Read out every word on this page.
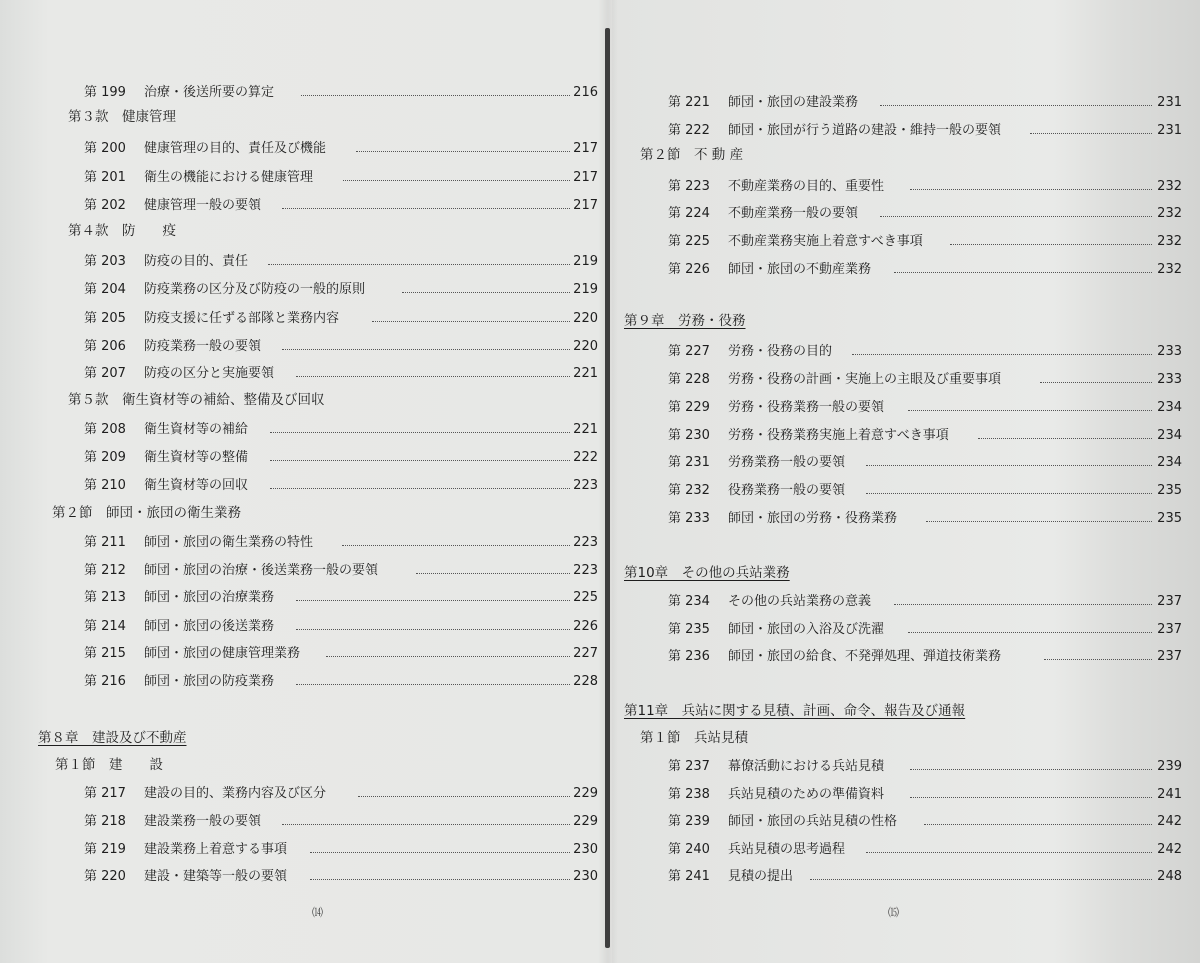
第 199	治療・後送所要の算定	216
第３款　健康管理
第 200	健康管理の目的、責任及び機能	217
第 201	衛生の機能における健康管理	217
第 202	健康管理一般の要領	217
第４款　防　　疫
第 203	防疫の目的、責任	219
第 204	防疫業務の区分及び防疫の一般的原則	219
第 205	防疫支援に任ずる部隊と業務内容	220
第 206	防疫業務一般の要領	220
第 207	防疫の区分と実施要領	221
第５款　衛生資材等の補給、整備及び回収
第 208	衛生資材等の補給	221
第 209	衛生資材等の整備	222
第 210	衛生資材等の回収	223
第２節　師団・旅団の衛生業務
第 211	師団・旅団の衛生業務の特性	223
第 212	師団・旅団の治療・後送業務一般の要領	223
第 213	師団・旅団の治療業務	225
第 214	師団・旅団の後送業務	226
第 215	師団・旅団の健康管理業務	227
第 216	師団・旅団の防疫業務	228
第８章　建設及び不動産
第１節　建　　設
第 217	建設の目的、業務内容及び区分	229
第 218	建設業務一般の要領	229
第 219	建設業務上着意する事項	230
第 220	建設・建築等一般の要領	230
⒁
第 221	師団・旅団の建設業務	231
第 222	師団・旅団が行う道路の建設・維持一般の要領	231
第２節　不 動 産
第 223	不動産業務の目的、重要性	232
第 224	不動産業務一般の要領	232
第 225	不動産業務実施上着意すべき事項	232
第 226	師団・旅団の不動産業務	232
第９章　労務・役務
第 227	労務・役務の目的	233
第 228	労務・役務の計画・実施上の主眼及び重要事項	233
第 229	労務・役務業務一般の要領	234
第 230	労務・役務業務実施上着意すべき事項	234
第 231	労務業務一般の要領	234
第 232	役務業務一般の要領	235
第 233	師団・旅団の労務・役務業務	235
第10章　その他の兵站業務
第 234	その他の兵站業務の意義	237
第 235	師団・旅団の入浴及び洗濯	237
第 236	師団・旅団の給食、不発弾処理、弾道技術業務	237
第11章　兵站に関する見積、計画、命令、報告及び通報
第１節　兵站見積
第 237	幕僚活動における兵站見積	239
第 238	兵站見積のための準備資料	241
第 239	師団・旅団の兵站見積の性格	242
第 240	兵站見積の思考過程	242
第 241	見積の提出	248
⒂
